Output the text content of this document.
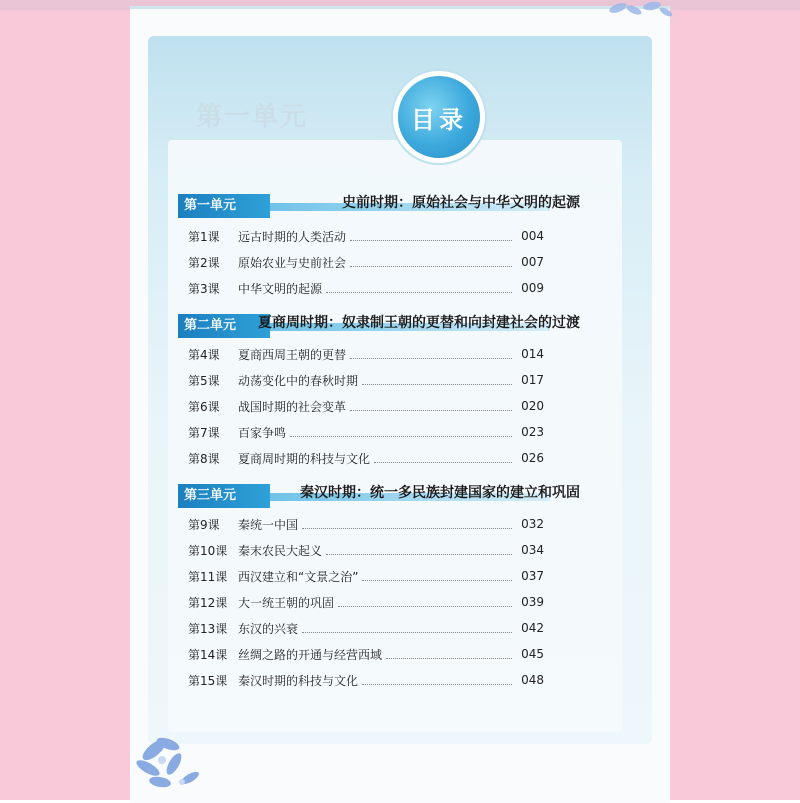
第一单元	目录
第一单元	史前时期：原始社会与中华文明的起源
第1课	远古时期的人类活动	004
第2课	原始农业与史前社会	007
第3课	中华文明的起源	009
第二单元	夏商周时期：奴隶制王朝的更替和向封建社会的过渡
第4课	夏商西周王朝的更替	014
第5课	动荡变化中的春秋时期	017
第6课	战国时期的社会变革	020
第7课	百家争鸣	023
第8课	夏商周时期的科技与文化	026
第三单元	秦汉时期：统一多民族封建国家的建立和巩固
第9课	秦统一中国	032
第10课 秦末农民大起义	034
第11课 西汉建立和“文景之治”	037
第12课 大一统王朝的巩固	039
第13课 东汉的兴衰	042
第14课 丝绸之路的开通与经营西域	045
第15课 秦汉时期的科技与文化	048
